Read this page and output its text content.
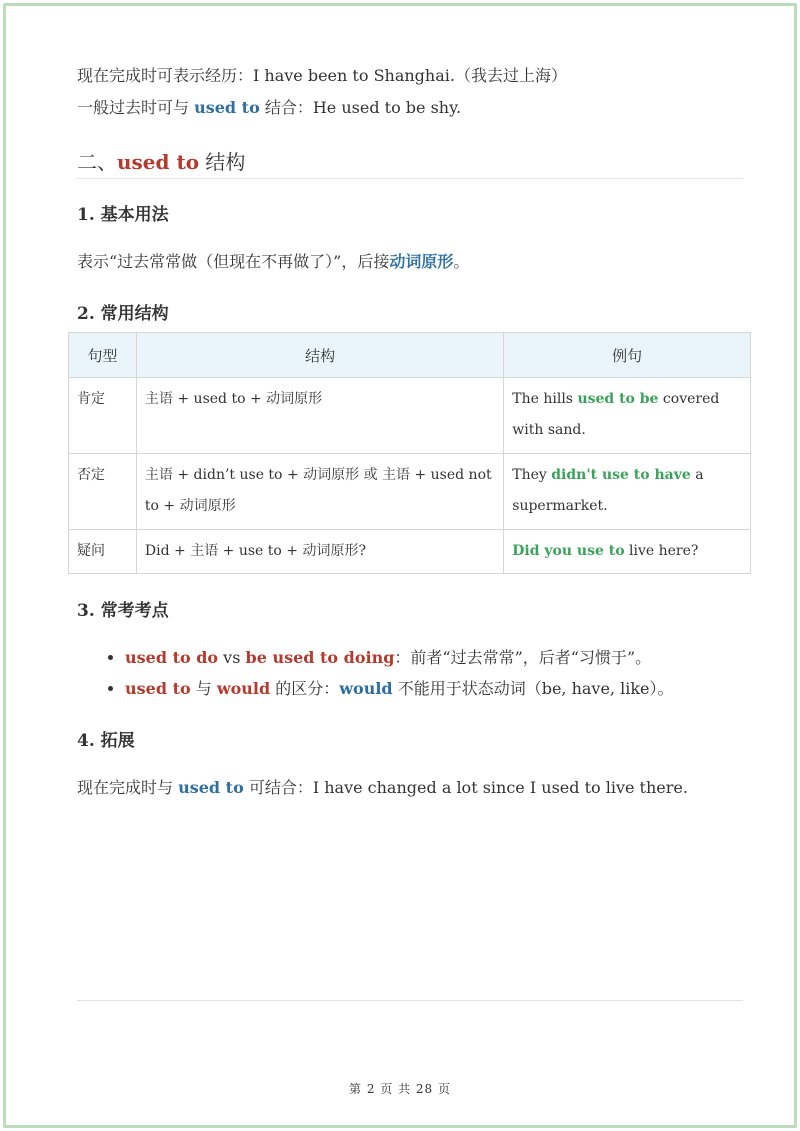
现在完成时可表示经历：I have been to Shanghai.（我去过上海）

一般过去时可与 used to 结合：He used to be shy.

二、used to 结构
1. 基本用法

表示“过去常常做（但现在不再做了）”，后接动词原形。

2. 常用结构
句型	结构	例句
肯定	主语 + used to + 动词原形	The hills used to be covered with sand.
否定	主语 + didn’t use to + 动词原形 或 主语 + used not to + 动词原形	They didn't use to have a supermarket.
疑问	Did + 主语 + use to + 动词原形?	Did you use to live here?
3. 常考考点
• used to do vs be used to doing：前者“过去常常”，后者“习惯于”。
• used to 与 would 的区分：would 不能用于状态动词（be, have, like）。
4. 拓展

现在完成时与 used to 可结合：I have changed a lot since I used to live there.

第 2 页 共 28 页
